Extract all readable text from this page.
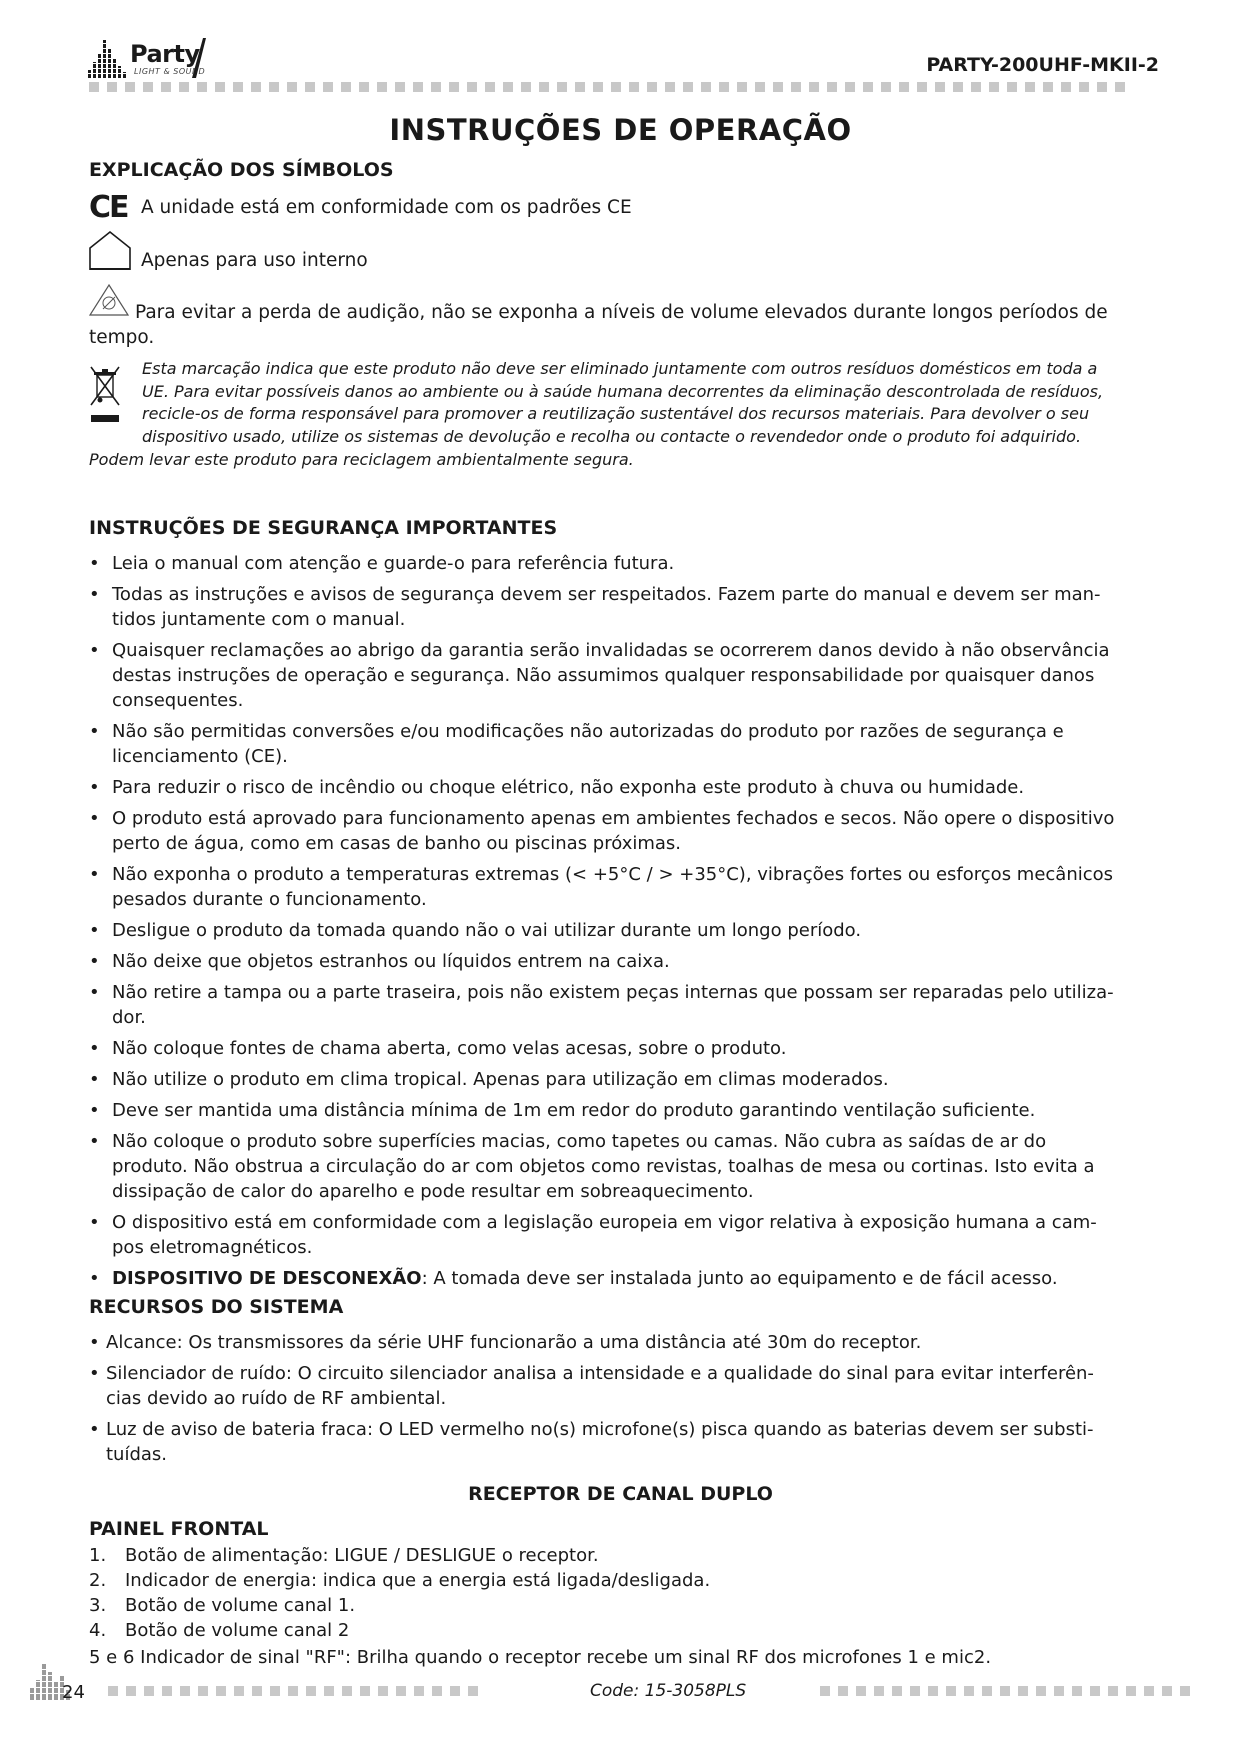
Party
LIGHT & SOUND	PARTY-200UHF-MKII-2
INSTRUÇÕES DE OPERAÇÃO
EXPLICAÇÃO DOS SÍMBOLOS
CE A unidade está em conformidade com os padrões CE
Apenas para uso interno
Para evitar a perda de audição, não se exponha a níveis de volume elevados durante longos períodos de
tempo.
Esta marcação indica que este produto não deve ser eliminado juntamente com outros resíduos domésticos em toda a
UE. Para evitar possíveis danos ao ambiente ou à saúde humana decorrentes da eliminação descontrolada de resíduos,
recicle-os de forma responsável para promover a reutilização sustentável dos recursos materiais. Para devolver o seu
dispositivo usado, utilize os sistemas de devolução e recolha ou contacte o revendedor onde o produto foi adquirido.
Podem levar este produto para reciclagem ambientalmente segura.
INSTRUÇÕES DE SEGURANÇA IMPORTANTES
• Leia o manual com atenção e guarde-o para referência futura.
• Todas as instruções e avisos de segurança devem ser respeitados. Fazem parte do manual e devem ser man-
tidos juntamente com o manual.
• Quaisquer reclamações ao abrigo da garantia serão invalidadas se ocorrerem danos devido à não observância
destas instruções de operação e segurança. Não assumimos qualquer responsabilidade por quaisquer danos
consequentes.
• Não são permitidas conversões e/ou modificações não autorizadas do produto por razões de segurança e
licenciamento (CE).
• Para reduzir o risco de incêndio ou choque elétrico, não exponha este produto à chuva ou humidade.
• O produto está aprovado para funcionamento apenas em ambientes fechados e secos. Não opere o dispositivo
perto de água, como em casas de banho ou piscinas próximas.
• Não exponha o produto a temperaturas extremas (< +5°C / > +35°C), vibrações fortes ou esforços mecânicos
pesados durante o funcionamento.
• Desligue o produto da tomada quando não o vai utilizar durante um longo período.
• Não deixe que objetos estranhos ou líquidos entrem na caixa.
• Não retire a tampa ou a parte traseira, pois não existem peças internas que possam ser reparadas pelo utiliza-
dor.
• Não coloque fontes de chama aberta, como velas acesas, sobre o produto.
• Não utilize o produto em clima tropical. Apenas para utilização em climas moderados.
• Deve ser mantida uma distância mínima de 1m em redor do produto garantindo ventilação suficiente.
• Não coloque o produto sobre superfícies macias, como tapetes ou camas. Não cubra as saídas de ar do
produto. Não obstrua a circulação do ar com objetos como revistas, toalhas de mesa ou cortinas. Isto evita a
dissipação de calor do aparelho e pode resultar em sobreaquecimento.
• O dispositivo está em conformidade com a legislação europeia em vigor relativa à exposição humana a cam-
pos eletromagnéticos.
• DISPOSITIVO DE DESCONEXÃO: A tomada deve ser instalada junto ao equipamento e de fácil acesso.
RECURSOS DO SISTEMA
• Alcance: Os transmissores da série UHF funcionarão a uma distância até 30m do receptor.
• Silenciador de ruído: O circuito silenciador analisa a intensidade e a qualidade do sinal para evitar interferên-
cias devido ao ruído de RF ambiental.
• Luz de aviso de bateria fraca: O LED vermelho no(s) microfone(s) pisca quando as baterias devem ser substi-
tuídas.
RECEPTOR DE CANAL DUPLO
PAINEL FRONTAL
1. Botão de alimentação: LIGUE / DESLIGUE o receptor.
2. Indicador de energia: indica que a energia está ligada/desligada.
3. Botão de volume canal 1.
4. Botão de volume canal 2
5 e 6 Indicador de sinal "RF": Brilha quando o receptor recebe um sinal RF dos microfones 1 e mic2.
24	Code: 15-3058PLS
